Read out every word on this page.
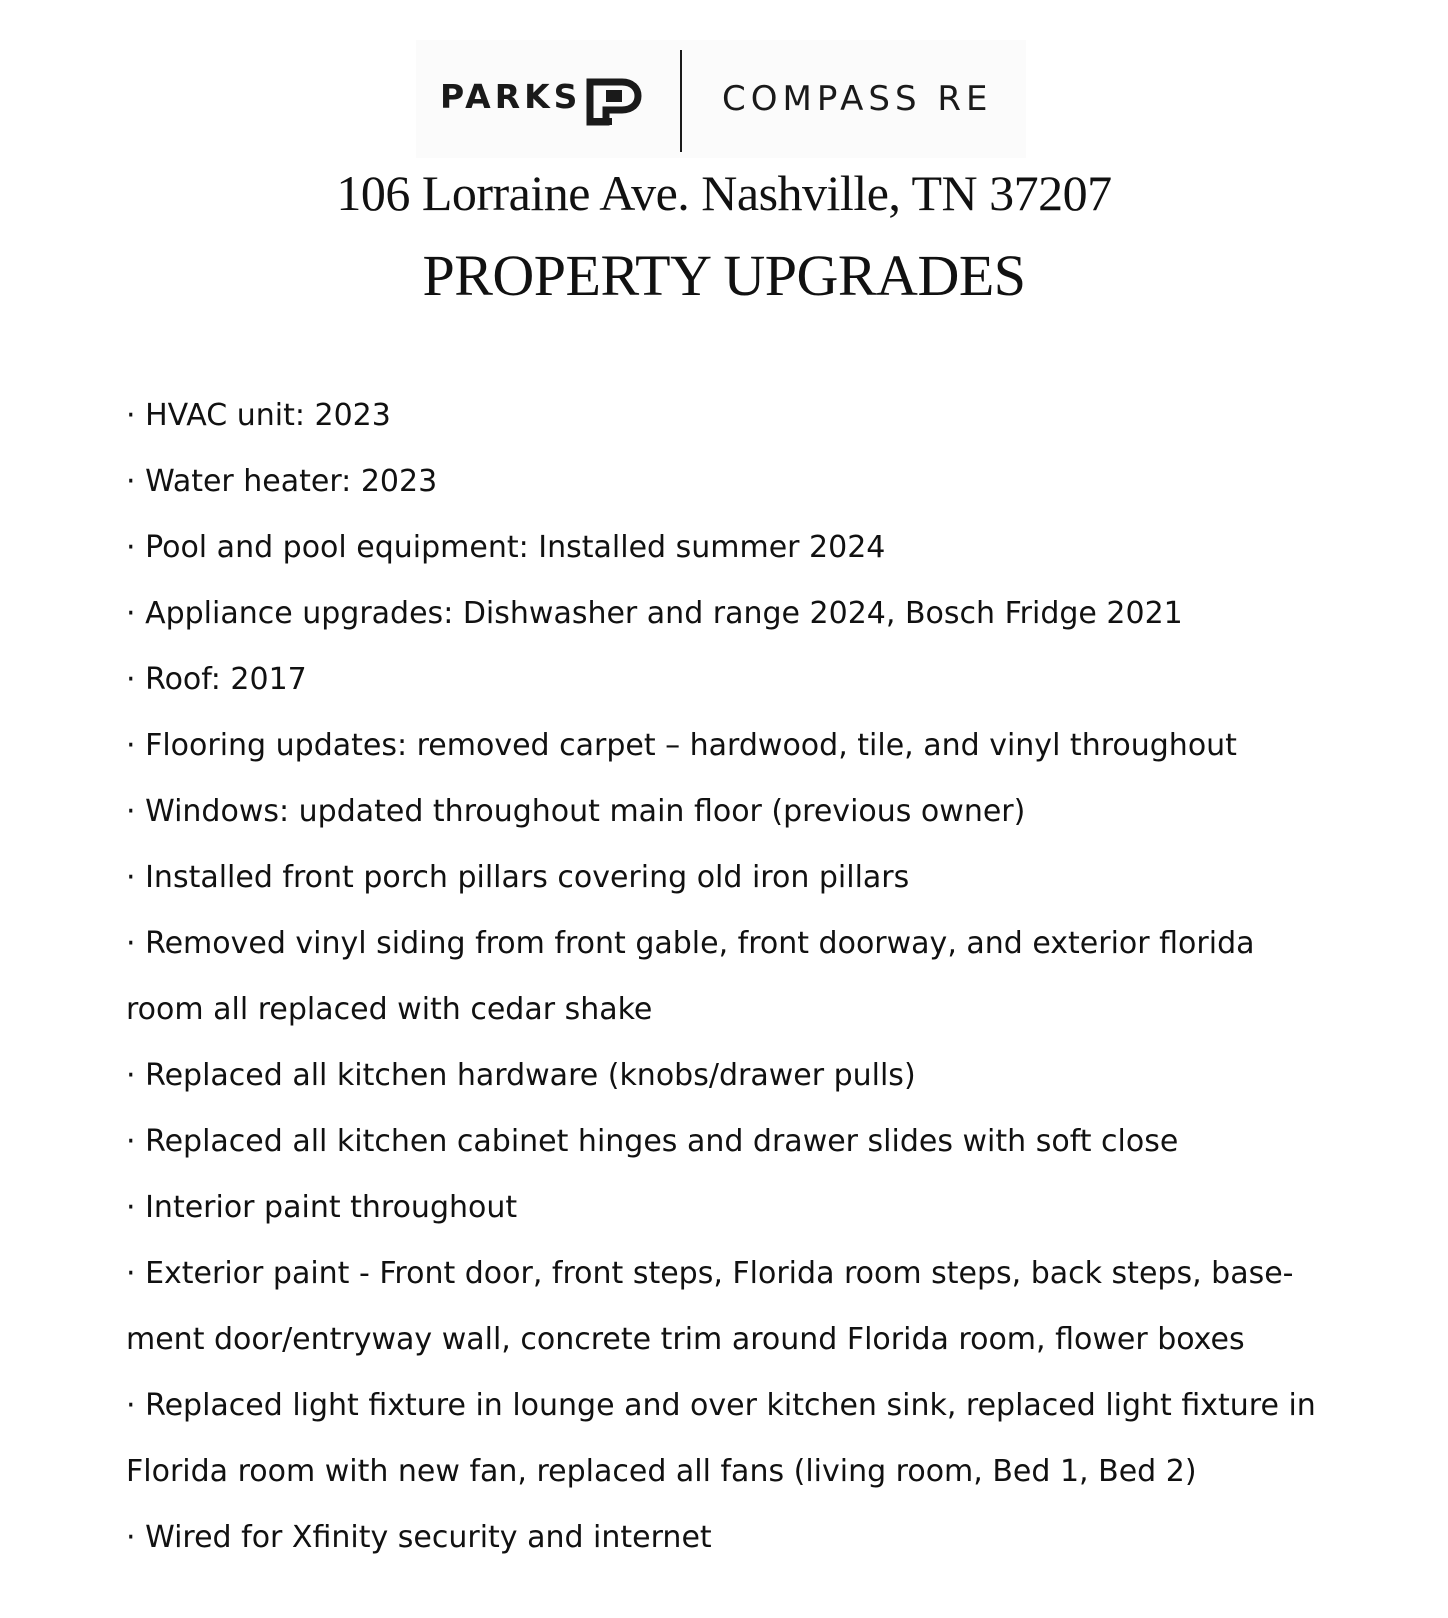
PARKS	COMPASS RE
106 Lorraine Ave. Nashville, TN 37207
PROPERTY UPGRADES
· HVAC unit: 2023
· Water heater: 2023
· Pool and pool equipment: Installed summer 2024
· Appliance upgrades: Dishwasher and range 2024, Bosch Fridge 2021
· Roof: 2017
· Flooring updates: removed carpet – hardwood, tile, and vinyl throughout
· Windows: updated throughout main floor (previous owner)
· Installed front porch pillars covering old iron pillars
· Removed vinyl siding from front gable, front doorway, and exterior florida
room all replaced with cedar shake
· Replaced all kitchen hardware (knobs/drawer pulls)
· Replaced all kitchen cabinet hinges and drawer slides with soft close
· Interior paint throughout
· Exterior paint - Front door, front steps, Florida room steps, back steps, base-
ment door/entryway wall, concrete trim around Florida room, flower boxes
· Replaced light fixture in lounge and over kitchen sink, replaced light fixture in
Florida room with new fan, replaced all fans (living room, Bed 1, Bed 2)
· Wired for Xfinity security and internet
